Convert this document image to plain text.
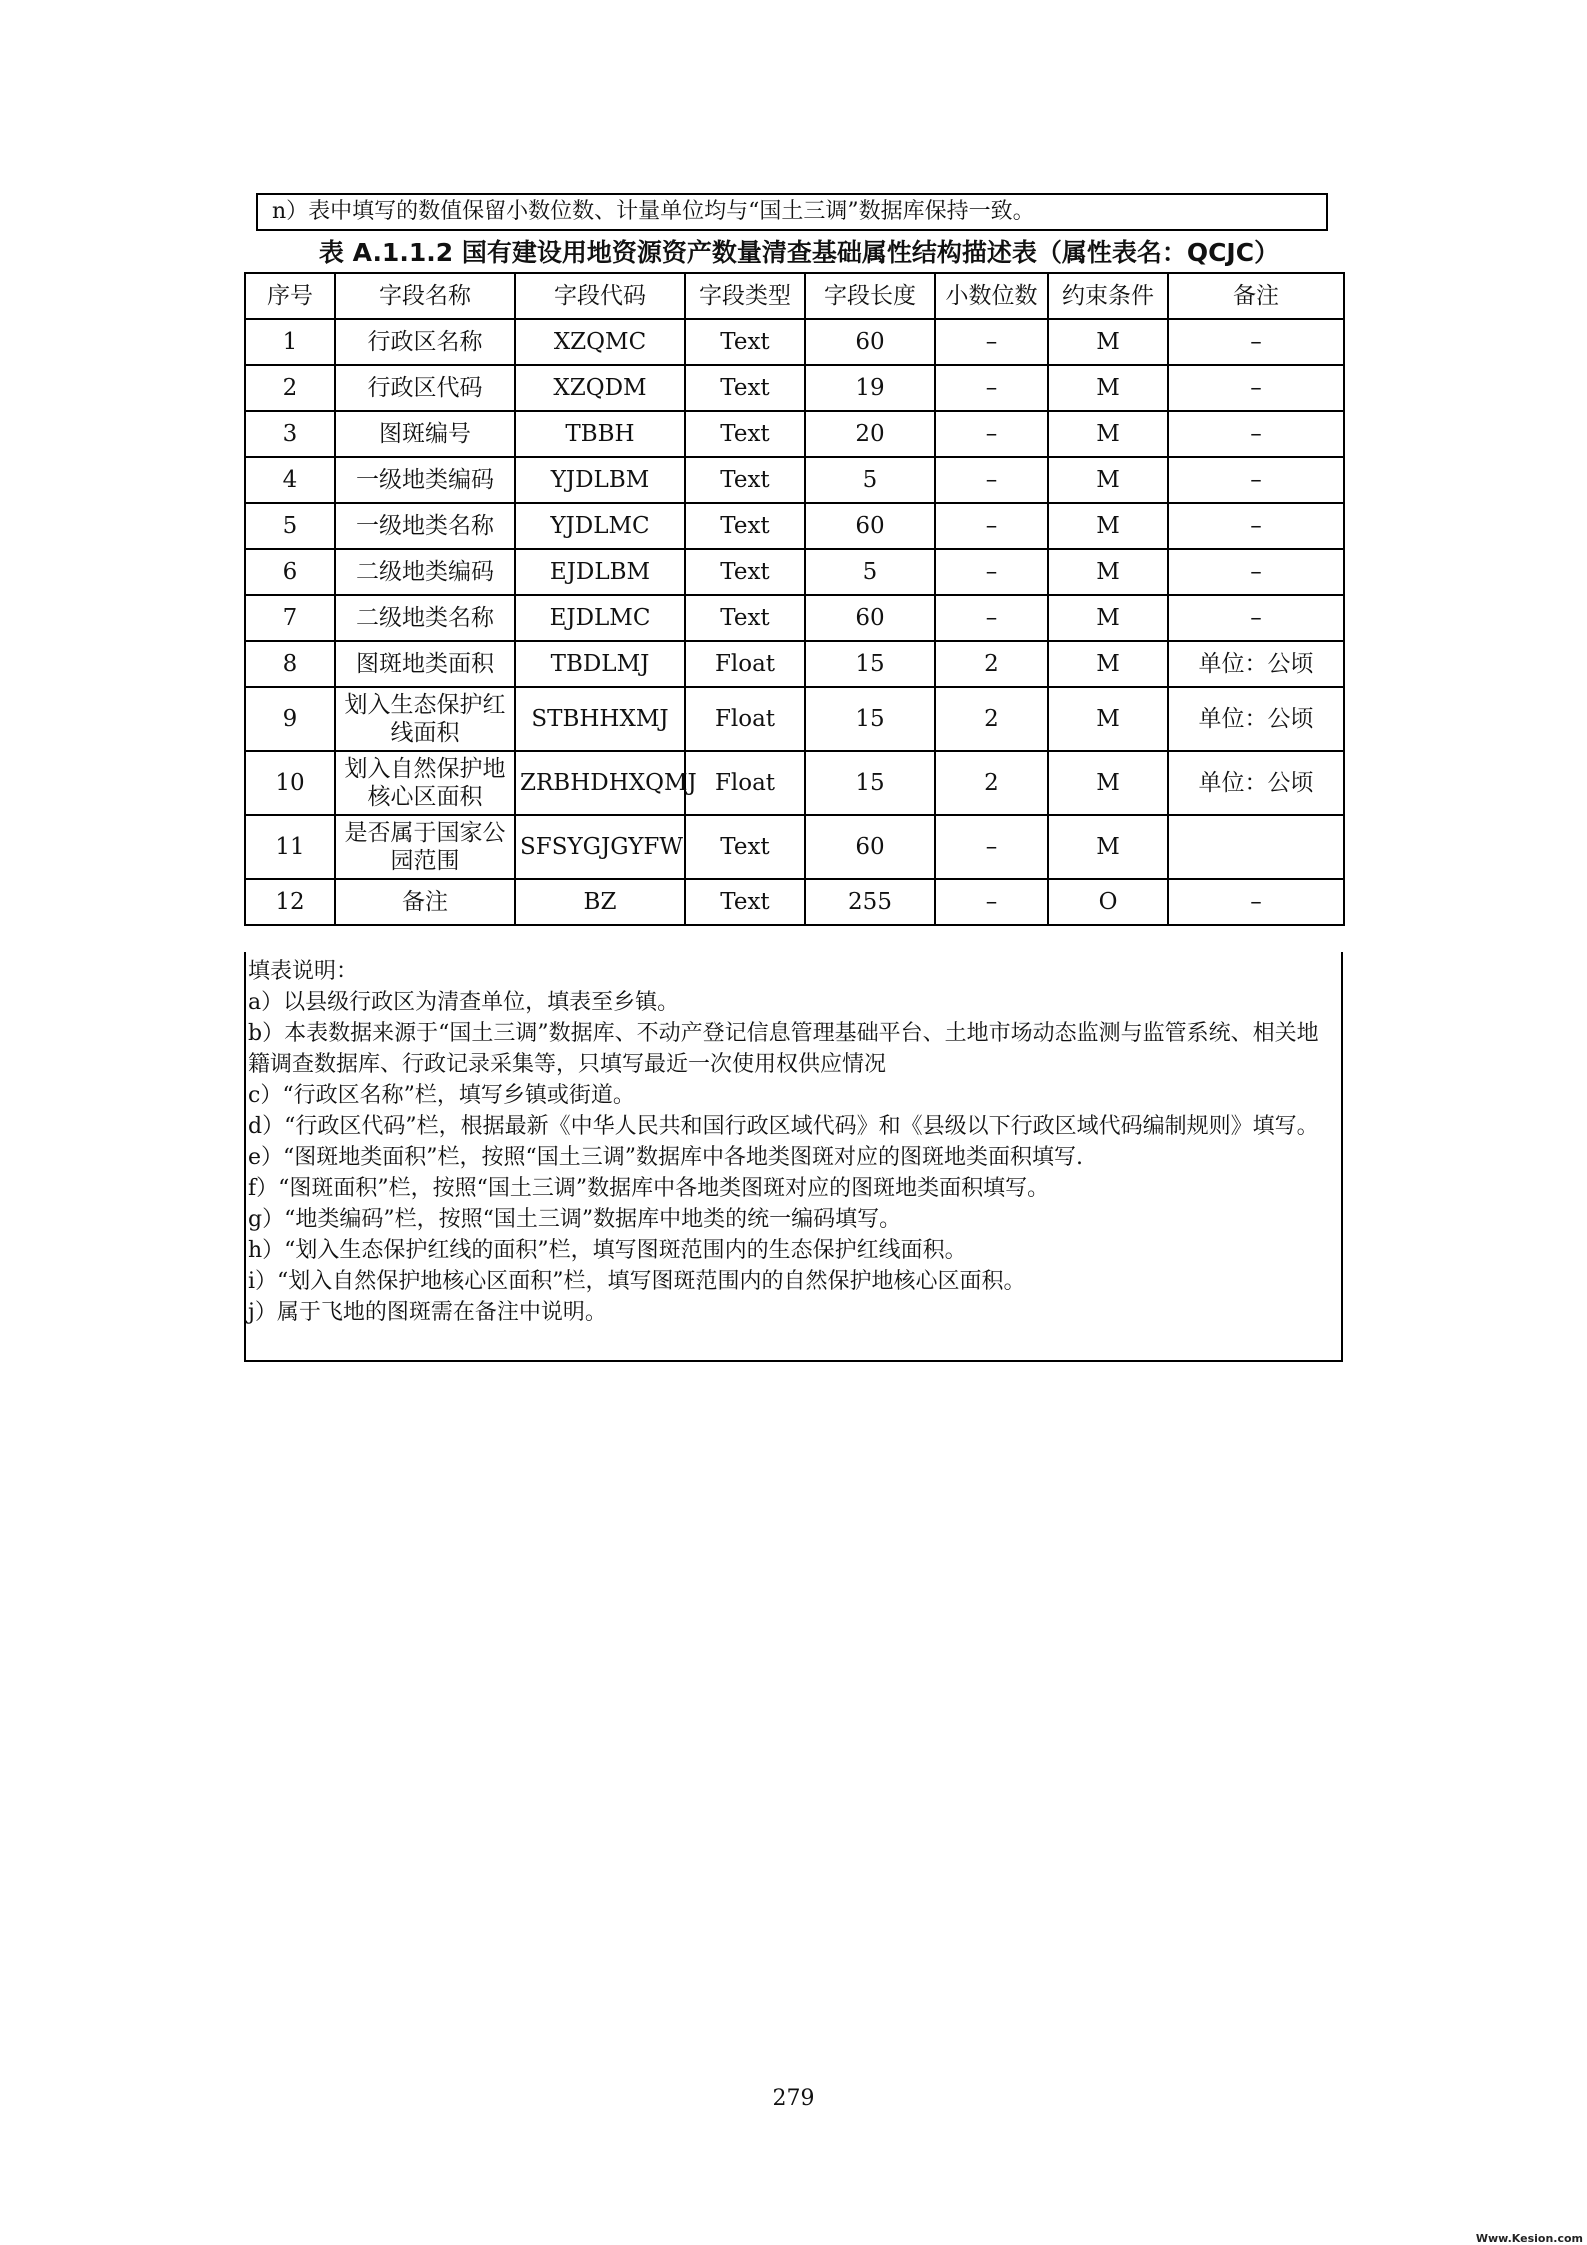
n）表中填写的数值保留小数位数、计量单位均与“国土三调”数据库保持一致。
表 A.1.1.2 国有建设用地资源资产数量清查基础属性结构描述表（属性表名：QCJC）
序号	字段名称	字段代码	字段类型	字段长度	小数位数	约束条件	备注
1	行政区名称	XZQMC	Text	60	–	M	–
2	行政区代码	XZQDM	Text	19	–	M	–
3	图斑编号	TBBH	Text	20	–	M	–
4	一级地类编码	YJDLBM	Text	5	–	M	–
5	一级地类名称	YJDLMC	Text	60	–	M	–
6	二级地类编码	EJDLBM	Text	5	–	M	–
7	二级地类名称	EJDLMC	Text	60	–	M	–
8	图斑地类面积	TBDLMJ	Float	15	2	M	单位：公顷
9	划入生态保护红线面积	STBHHXMJ	Float	15	2	M	单位：公顷
10	划入自然保护地核心区面积	ZRBHDHXQMJ	Float	15	2	M	单位：公顷
11	是否属于国家公园范围	SFSYGJGYFW	Text	60	–	M	
12	备注	BZ	Text	255	–	O	–
填表说明：
a）以县级行政区为清查单位，填表至乡镇。
b）本表数据来源于“国土三调”数据库、不动产登记信息管理基础平台、土地市场动态监测与监管系统、相关地籍调查数据库、行政记录采集等，只填写最近一次使用权供应情况
c）“行政区名称”栏，填写乡镇或街道。
d）“行政区代码”栏，根据最新《中华人民共和国行政区域代码》和《县级以下行政区域代码编制规则》填写。
e）“图斑地类面积”栏，按照“国土三调”数据库中各地类图斑对应的图斑地类面积填写.
f）“图斑面积”栏，按照“国土三调”数据库中各地类图斑对应的图斑地类面积填写。
g）“地类编码”栏，按照“国土三调”数据库中地类的统一编码填写。
h）“划入生态保护红线的面积”栏，填写图斑范围内的生态保护红线面积。
i）“划入自然保护地核心区面积”栏，填写图斑范围内的自然保护地核心区面积。
j）属于飞地的图斑需在备注中说明。
279
Www.Kesion.com
